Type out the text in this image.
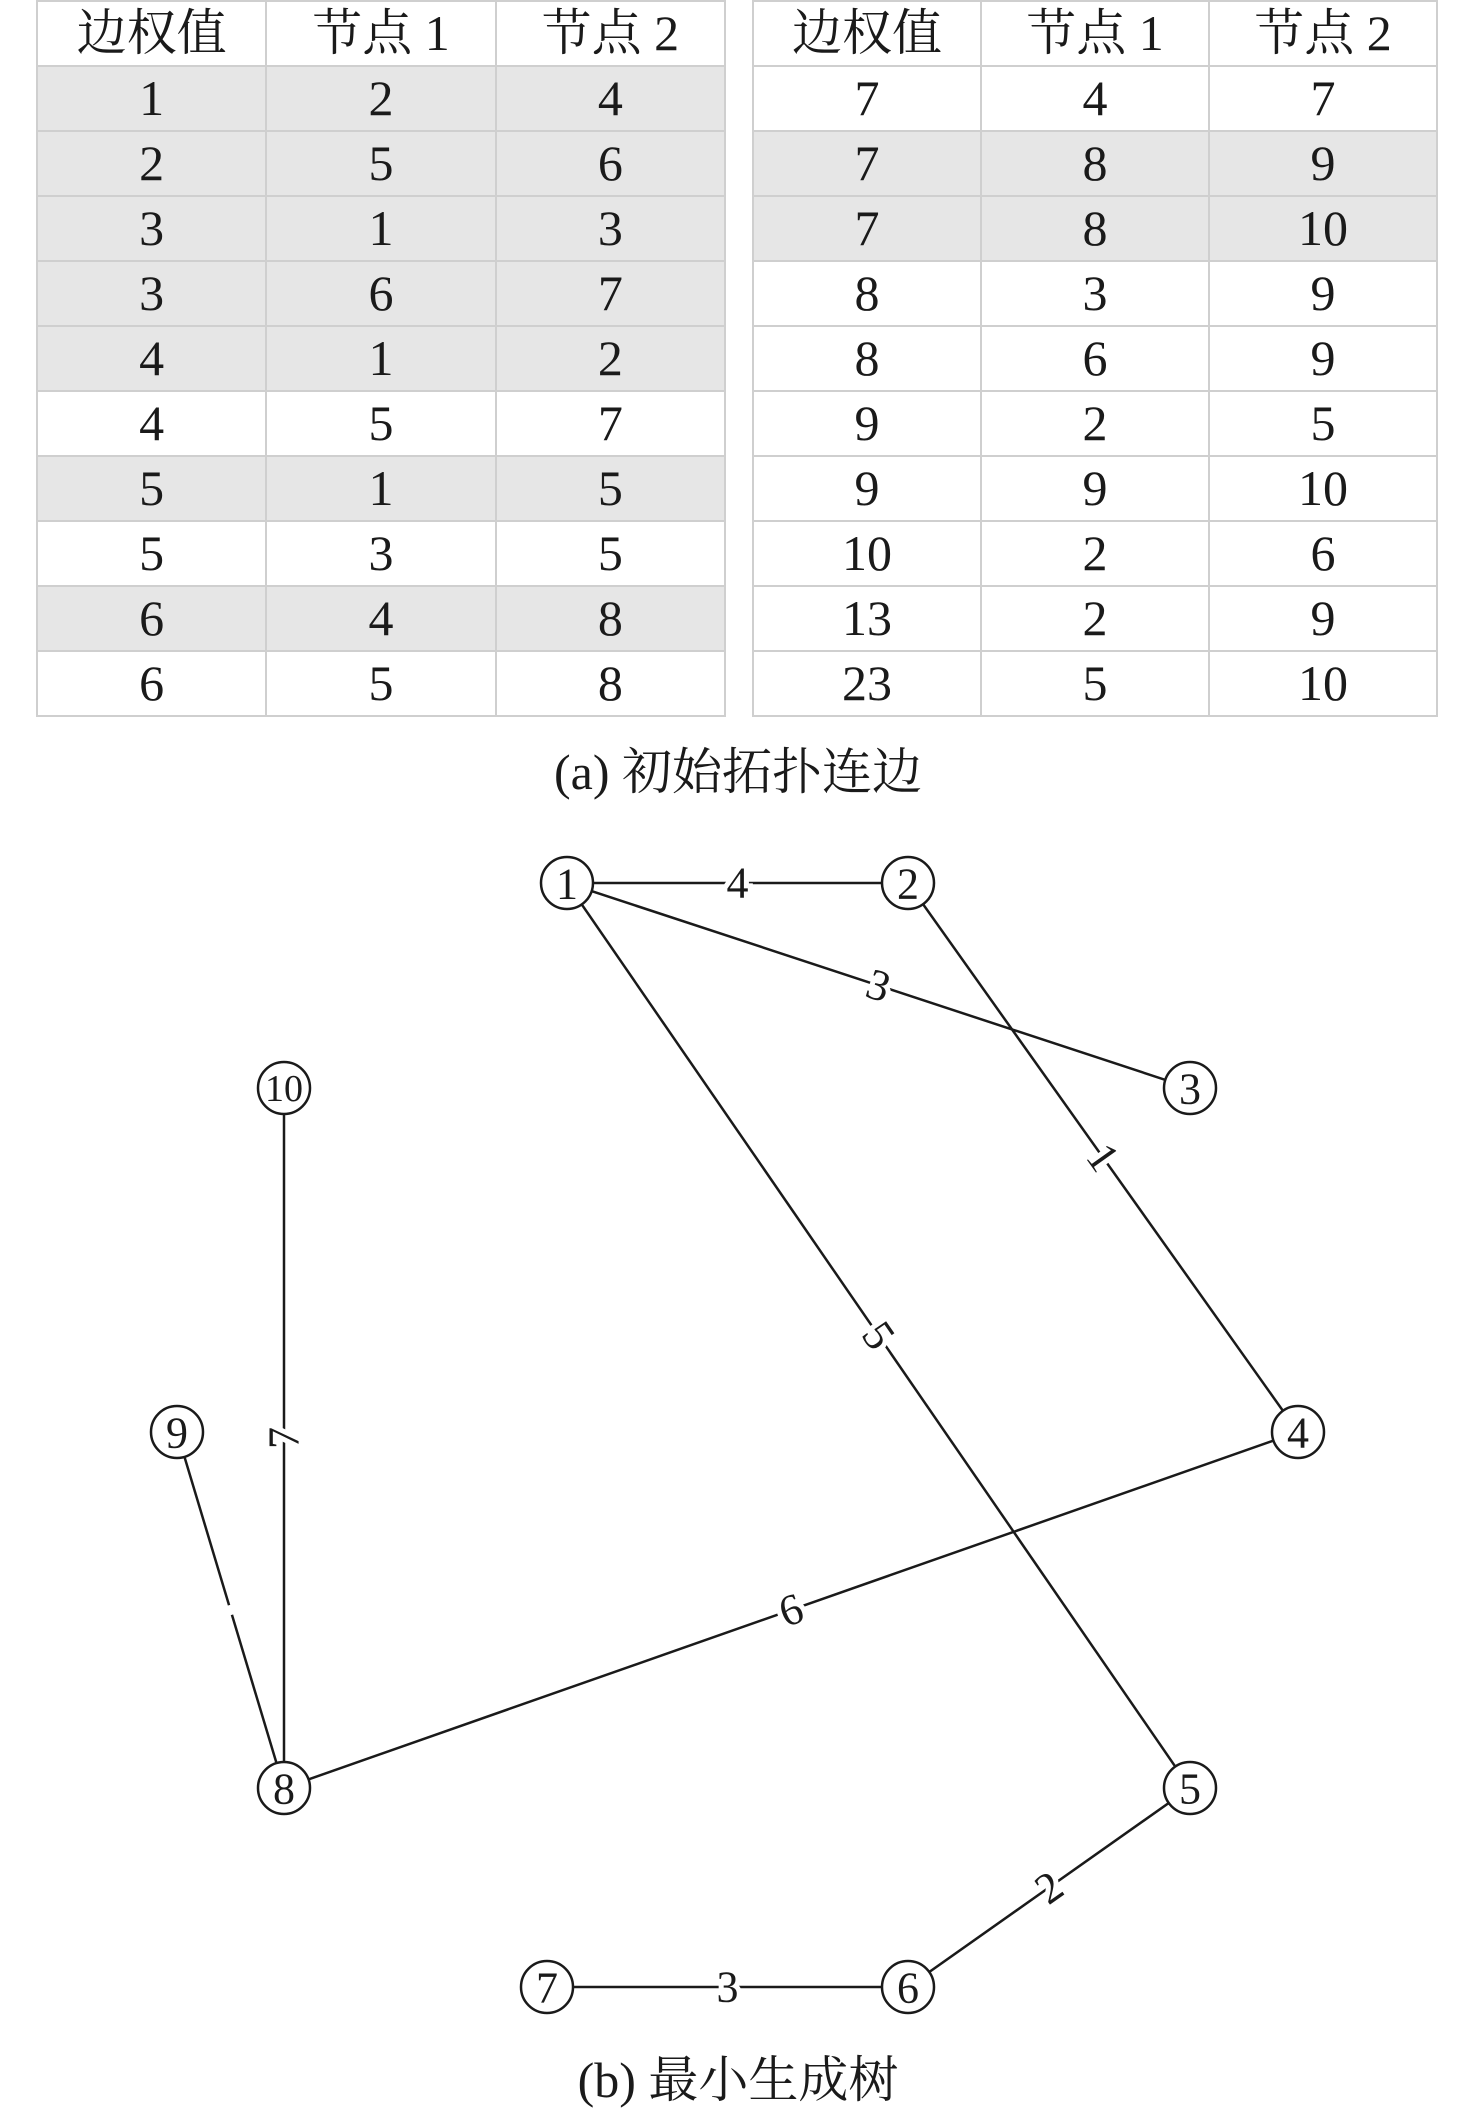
边权值	节点 1	节点 2
1	2	4
2	5	6
3	1	3
3	6	7
4	1	2
4	5	7
5	1	5
5	3	5
6	4	8
6	5	8
边权值	节点 1	节点 2
7	4	7
7	8	9
7	8	10
8	3	9
8	6	9
9	2	5
9	9	10
10	2	6
13	2	9
23	5	10
(a) 初始拓扑连边
4
3
1
5
6
7
2
3
1	2
3
4
5
6
7
8
9
10
(b) 最小生成树
